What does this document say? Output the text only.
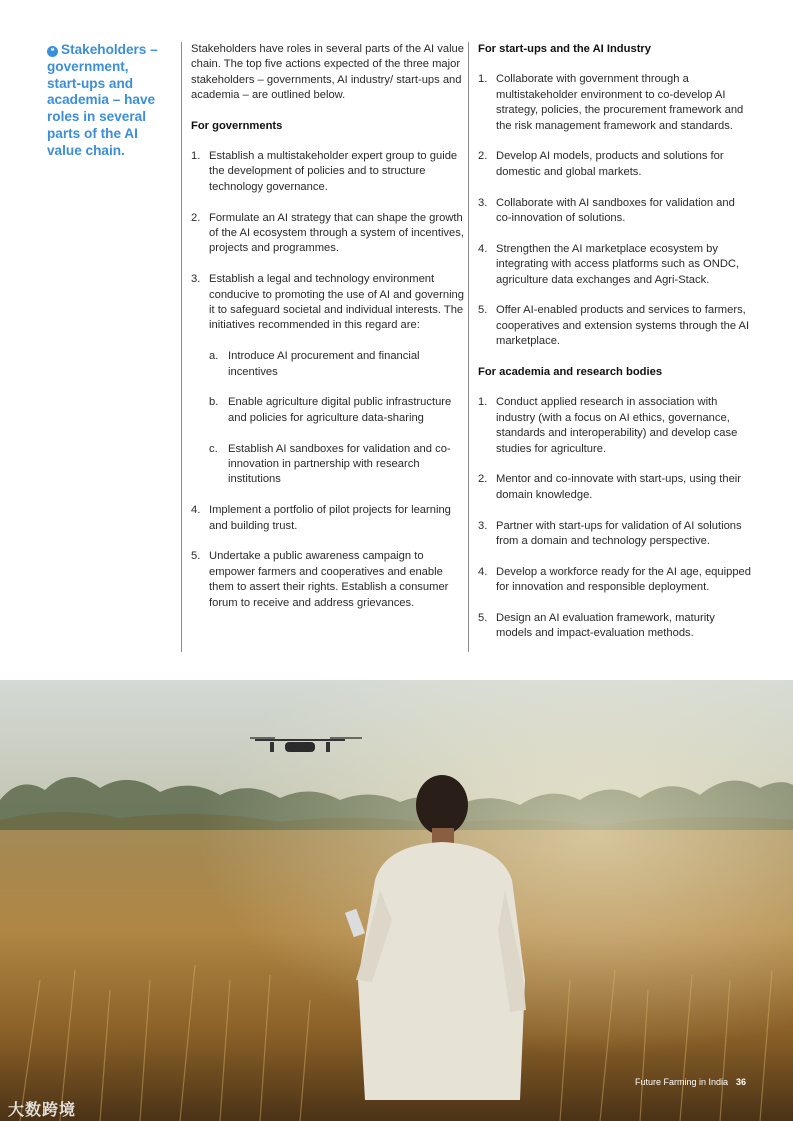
❝ Stakeholders – government, start-ups and academia – have roles in several parts of the AI value chain.

Stakeholders have roles in several parts of the AI value chain. The top five actions expected of the three major stakeholders – governments, AI industry/ start-ups and academia – are outlined below.

For governments

1. Establish a multistakeholder expert group to guide the development of policies and to structure technology governance.
2. Formulate an AI strategy that can shape the growth of the AI ecosystem through a system of incentives, projects and programmes.
3. Establish a legal and technology environment conducive to promoting the use of AI and governing it to safeguard societal and individual interests. The initiatives recommended in this regard are:
a. Introduce AI procurement and financial incentives
b. Enable agriculture digital public infrastructure and policies for agriculture data-sharing
c. Establish AI sandboxes for validation and co-innovation in partnership with research institutions
4. Implement a portfolio of pilot projects for learning and building trust.
5. Undertake a public awareness campaign to empower farmers and cooperatives and enable them to assert their rights. Establish a consumer forum to receive and address grievances.

For start-ups and the AI Industry

1. Collaborate with government through a multistakeholder environment to co-develop AI strategy, policies, the procurement framework and the risk management framework and standards.
2. Develop AI models, products and solutions for domestic and global markets.
3. Collaborate with AI sandboxes for validation and co-innovation of solutions.
4. Strengthen the AI marketplace ecosystem by integrating with access platforms such as ONDC, agriculture data exchanges and Agri-Stack.
5. Offer AI-enabled products and services to farmers, cooperatives and extension systems through the AI marketplace.

For academia and research bodies

1. Conduct applied research in association with industry (with a focus on AI ethics, governance, standards and interoperability) and develop case studies for agriculture.
2. Mentor and co-innovate with start-ups, using their domain knowledge.
3. Partner with start-ups for validation of AI solutions from a domain and technology perspective.
4. Develop a workforce ready for the AI age, equipped for innovation and responsible deployment.
5. Design an AI evaluation framework, maturity models and impact-evaluation methods.
Future Farming in India 36
大数跨境
